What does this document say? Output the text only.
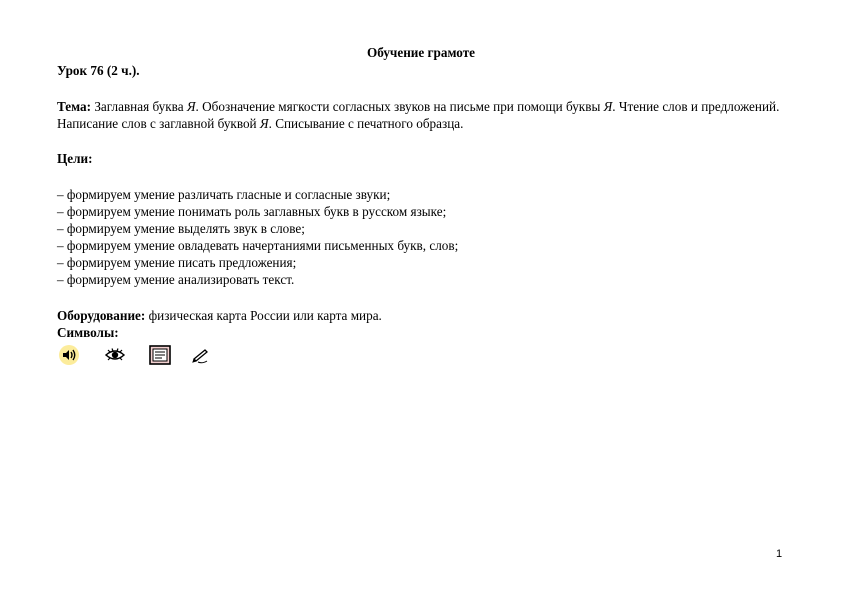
Обучение грамоте
Урок 76 (2 ч.).

Тема: Заглавная буква Я. Обозначение мягкости согласных звуков на письме при помощи буквы Я. Чтение слов и предложений. Написание слов с заглавной буквой Я. Списывание с печатного образца.

Цели:
– формируем умение различать гласные и согласные звуки;
– формируем умение понимать роль заглавных букв в русском языке;
– формируем умение выделять звук в слове;
– формируем умение овладевать начертаниями письменных букв, слов;
– формируем умение писать предложения;
– формируем умение анализировать текст.
Оборудование: физическая карта России или карта мира.
Символы:
1
